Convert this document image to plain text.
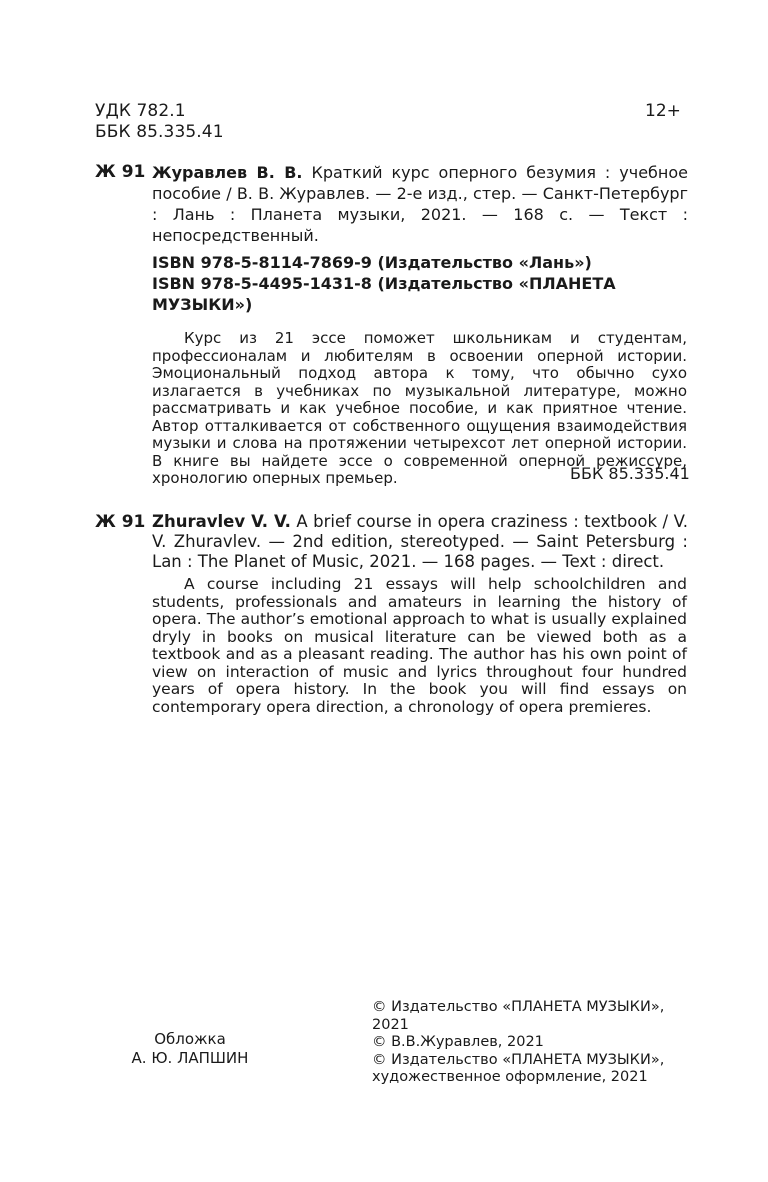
УДК 782.1
ББК 85.335.41
12+
Ж 91 Журавлев В. В. Краткий курс оперного безумия : учебное пособие / В. В. Журавлев. — 2-е изд., стер. — Санкт-Петербург : Лань : Планета музыки, 2021. — 168 с. — Текст : непосредственный.
ISBN 978-5-8114-7869-9 (Издательство «Лань»)
ISBN 978-5-4495-1431-8 (Издательство «ПЛАНЕТА МУЗЫКИ»)
Курс из 21 эссе поможет школьникам и студентам, профессионалам и любителям в освоении оперной истории. Эмоциональный подход автора к тому, что обычно сухо излагается в учебниках по музыкальной литературе, можно рассматривать и как учебное пособие, и как приятное чтение. Автор отталкивается от собственного ощущения взаимодействия музыки и слова на протяжении четырехсот лет оперной истории. В книге вы найдете эссе о современной оперной режиссуре, хронологию оперных премьер.	ББК 85.335.41
Ж 91 Zhuravlev V. V. A brief course in opera craziness : textbook / V. V. Zhuravlev. — 2nd edition, stereotyped. — Saint Petersburg : Lan : The Planet of Music, 2021. — 168 pages. — Text : direct.
A course including 21 essays will help schoolchildren and students, professionals and amateurs in learning the history of opera. The author’s emotional approach to what is usually explained dryly in books on musical literature can be viewed both as a textbook and as a pleasant reading. The author has his own point of view on interaction of music and lyrics throughout four hundred years of opera history. In the book you will find essays on contemporary opera direction, a chronology of opera premieres.
Обложка
А. Ю. ЛАПШИН
© Издательство «ПЛАНЕТА МУЗЫКИ», 2021
© В.В.Журавлев, 2021
© Издательство «ПЛАНЕТА МУЗЫКИ»,
художественное оформление, 2021
